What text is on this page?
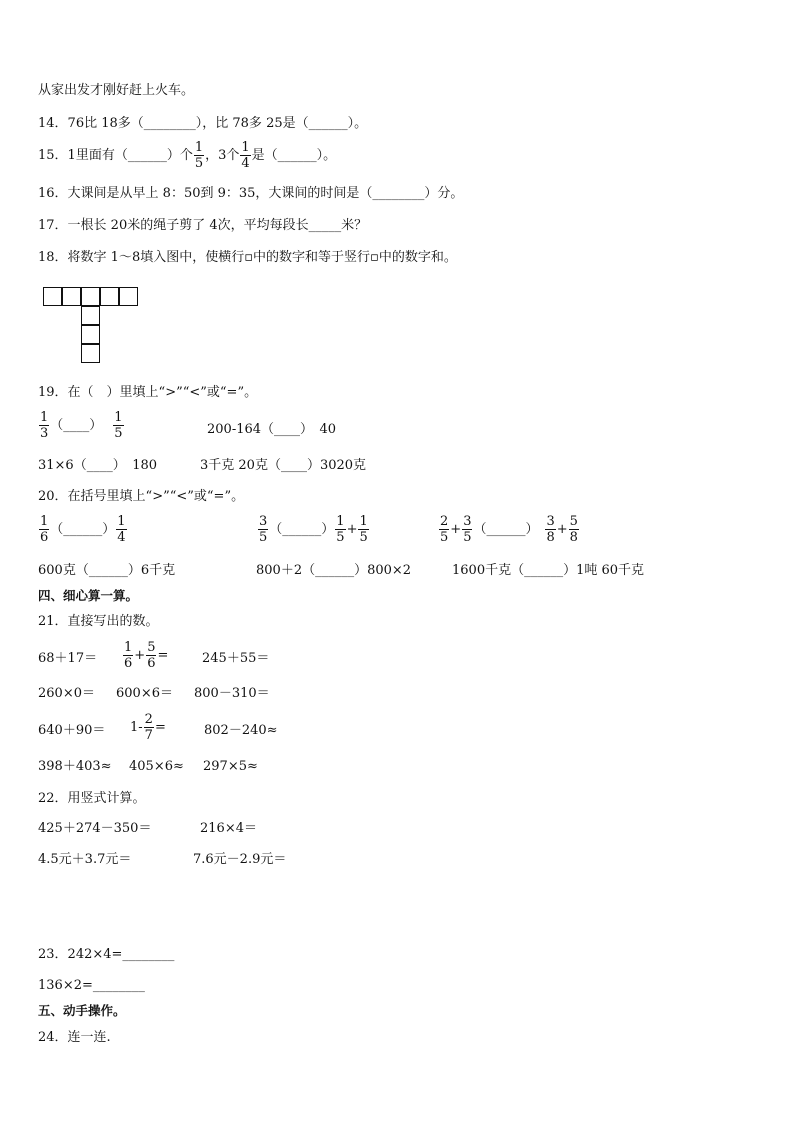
从家出发才刚好赶上火车。
14．76比 18多（________），比 78多 25是（______）。
15．1里面有（______）个 $\frac{1}{5}$ ，3个 $\frac{1}{4}$ 是（______）。
16．大课间是从早上 8：50到 9：35，大课间的时间是（________）分。
17．一根长 20米的绳子剪了 4次，平均每段长_____米？
18．将数字 1～8填入图中，使横行▫中的数字和等于竖行▫中的数字和。
19．在（　）里填上“>”“<”或“=”。
$\frac{1}{3}$ （____） $\frac{1}{5}$	200-164（____）　40
31×6（____）　180	3千克 20克（____）3020克
20．在括号里填上“>”“<”或“=”。
$\frac{1}{6}$ （______） $\frac{1}{4}$	$\frac{3}{5}$ （______） $\frac{1}{5} + \frac{1}{5}$	$\frac{2}{5} + \frac{3}{5}$ （______） $\frac{3}{8} + \frac{5}{8}$
600克（______）6千克	800＋2（______）800×2	1600千克（______）1吨 60千克
四、细心算一算。
21．直接写出的数。
$68+17= \frac{1}{6} + \frac{5}{6}$ =	245＋55＝
260×0＝ 600×6＝ 800－310＝
$640+90= 1- \frac{2}{7}$ =	802－240≈
398＋403≈ 405×6≈ 297×5≈
22．用竖式计算。
425＋274－350＝	216×4＝
4.5元＋3.7元＝	7.6元－2.9元＝
23．242×4=________
136×2=________
五、动手操作。
24．连一连.
